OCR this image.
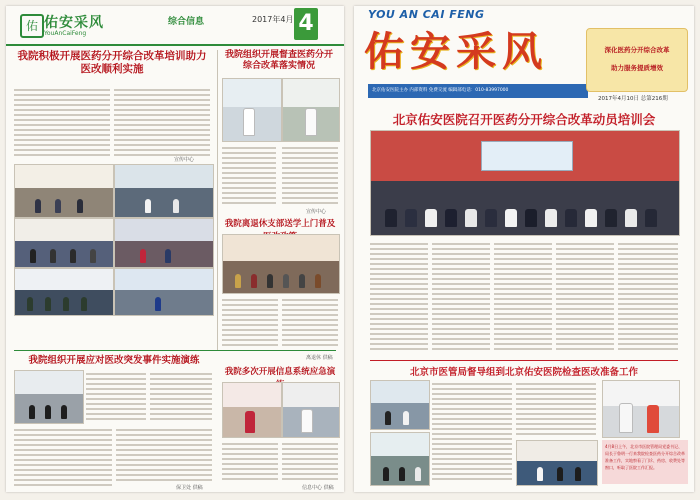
佑 佑安采风
YouAnCaiFeng
综合信息	2017年4月 4
我院积极开展医药分开综合改革培训助力医改顺利实施
宣传中心
我院组织开展督查医药分开综合改革落实情况
宣传中心
我院离退休支部送学上门普及
离退休 供稿
我院组织开展应对医改突发事件实施演练
保卫处 供稿
我院多次开展信息系统应急演
信息中心 供稿
YOU AN CAI FENG
佑安采风
北京佑安医院主办 内部资料 免费交流 编辑部电话：010-83997000
深化医药分开综合改革
助力服务提质增效
2017年4月10日 总第216期
北京佑安医院召开医药分开综合改革动员培训会
北京市医管局督导组到北京佑安医院检查医改准备工作
4月8日上午，北京市医院管理局党委书记、局长于鲁明一行来我院检查医药分开综合改革准备工作，实地察看了门诊、药房、收费处等窗口，听取了医院工作汇报。
